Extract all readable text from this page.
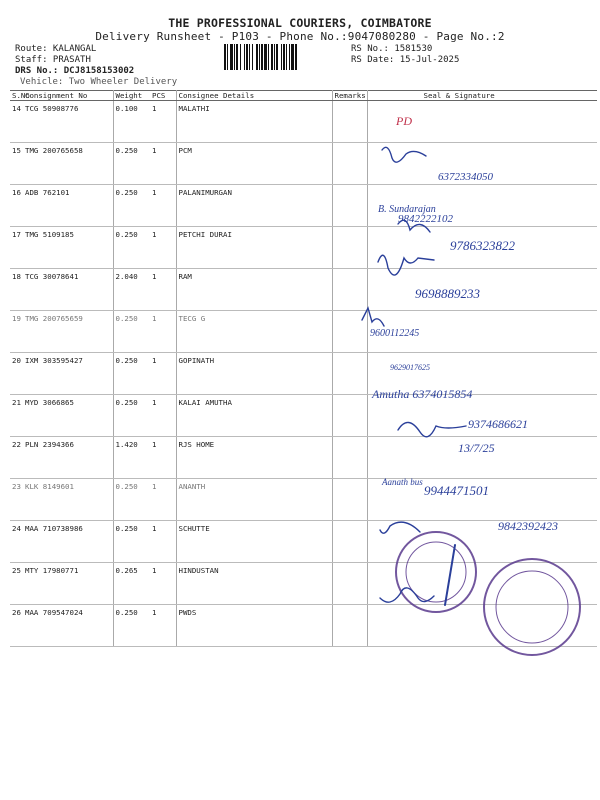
THE PROFESSIONAL COURIERS, COIMBATORE
Delivery Runsheet - P103 - Phone No.:9047080280 - Page No.:2
Route: KALANGAL
Staff: PRASATH
DRS No.: DCJ8158153002
Vehicle: Two Wheeler Delivery
RS No.: 1581530
RS Date: 15-Jul-2025
S.No	Consignment No	Weight	PCS	Consignee Details	Remarks	Seal & Signature
14	TCG 50908776	0.100	1	MALATHI		
15	TMG 200765658	0.250	1	PCM		
16	ADB 762101	0.250	1	PALANIMURGAN		
17	TMG 5109185	0.250	1	PETCHI DURAI		
18	TCG 30078641	2.040	1	RAM		
19	TMG 200765659	0.250	1	TECG G		
20	IXM 303595427	0.250	1	GOPINATH		
21	MYD 3066865	0.250	1	KALAI AMUTHA		
22	PLN 2394366	1.420	1	RJS HOME		
23	KLK 8149601	0.250	1	ANANTH		
24	MAA 710738986	0.250	1	SCHUTTE		
25	MTY 17980771	0.265	1	HINDUSTAN		
26	MAA 709547024	0.250	1	PWDS		
PD
6372334050
B. Sundarajan
9842222102
9786323822
9698889233
9600112245
9629017625
Amutha 6374015854
9374686621
13/7/25
Aanath bus
9944471501
9842392423
